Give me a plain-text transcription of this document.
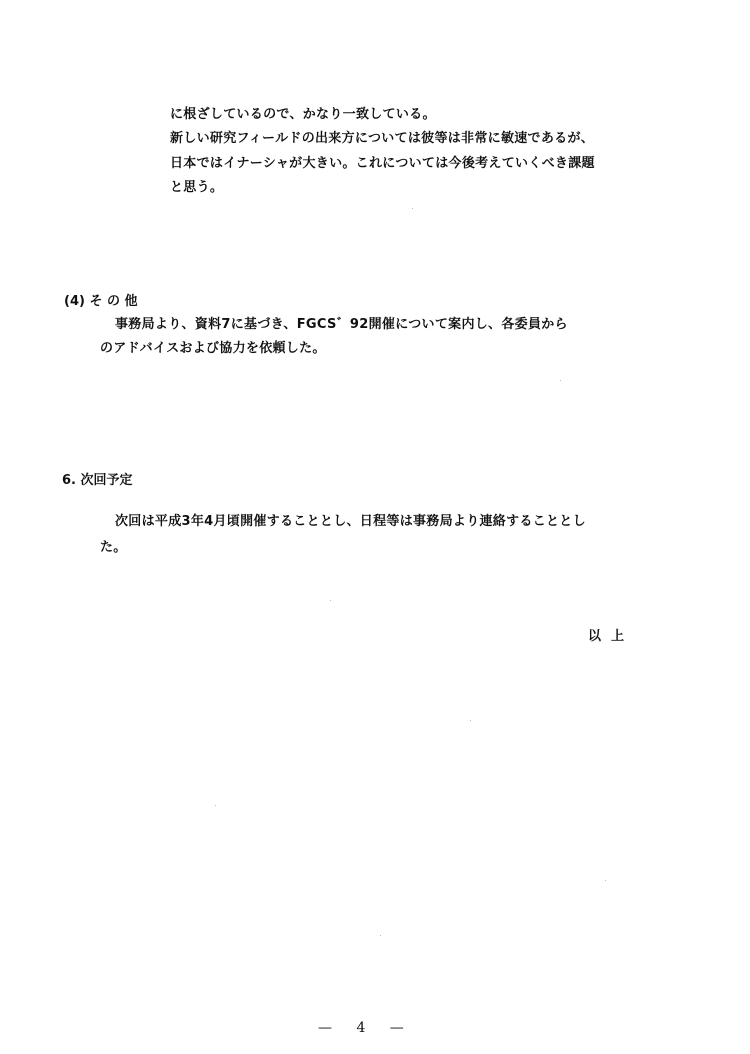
に根ざしているので、かなり一致している。
新しい研究フィールドの出来方については彼等は非常に敏速であるが、
日本ではイナーシャが大きい。これについては今後考えていくべき課題
と思う。
(4) そ の 他
事務局より、資料7に基づき、FGCS゛92開催について案内し、各委員から
のアドバイスおよび協力を依頼した。
6. 次回予定
次回は平成3年4月頃開催することとし、日程等は事務局より連絡することとし
た。
以上
— 4 —
